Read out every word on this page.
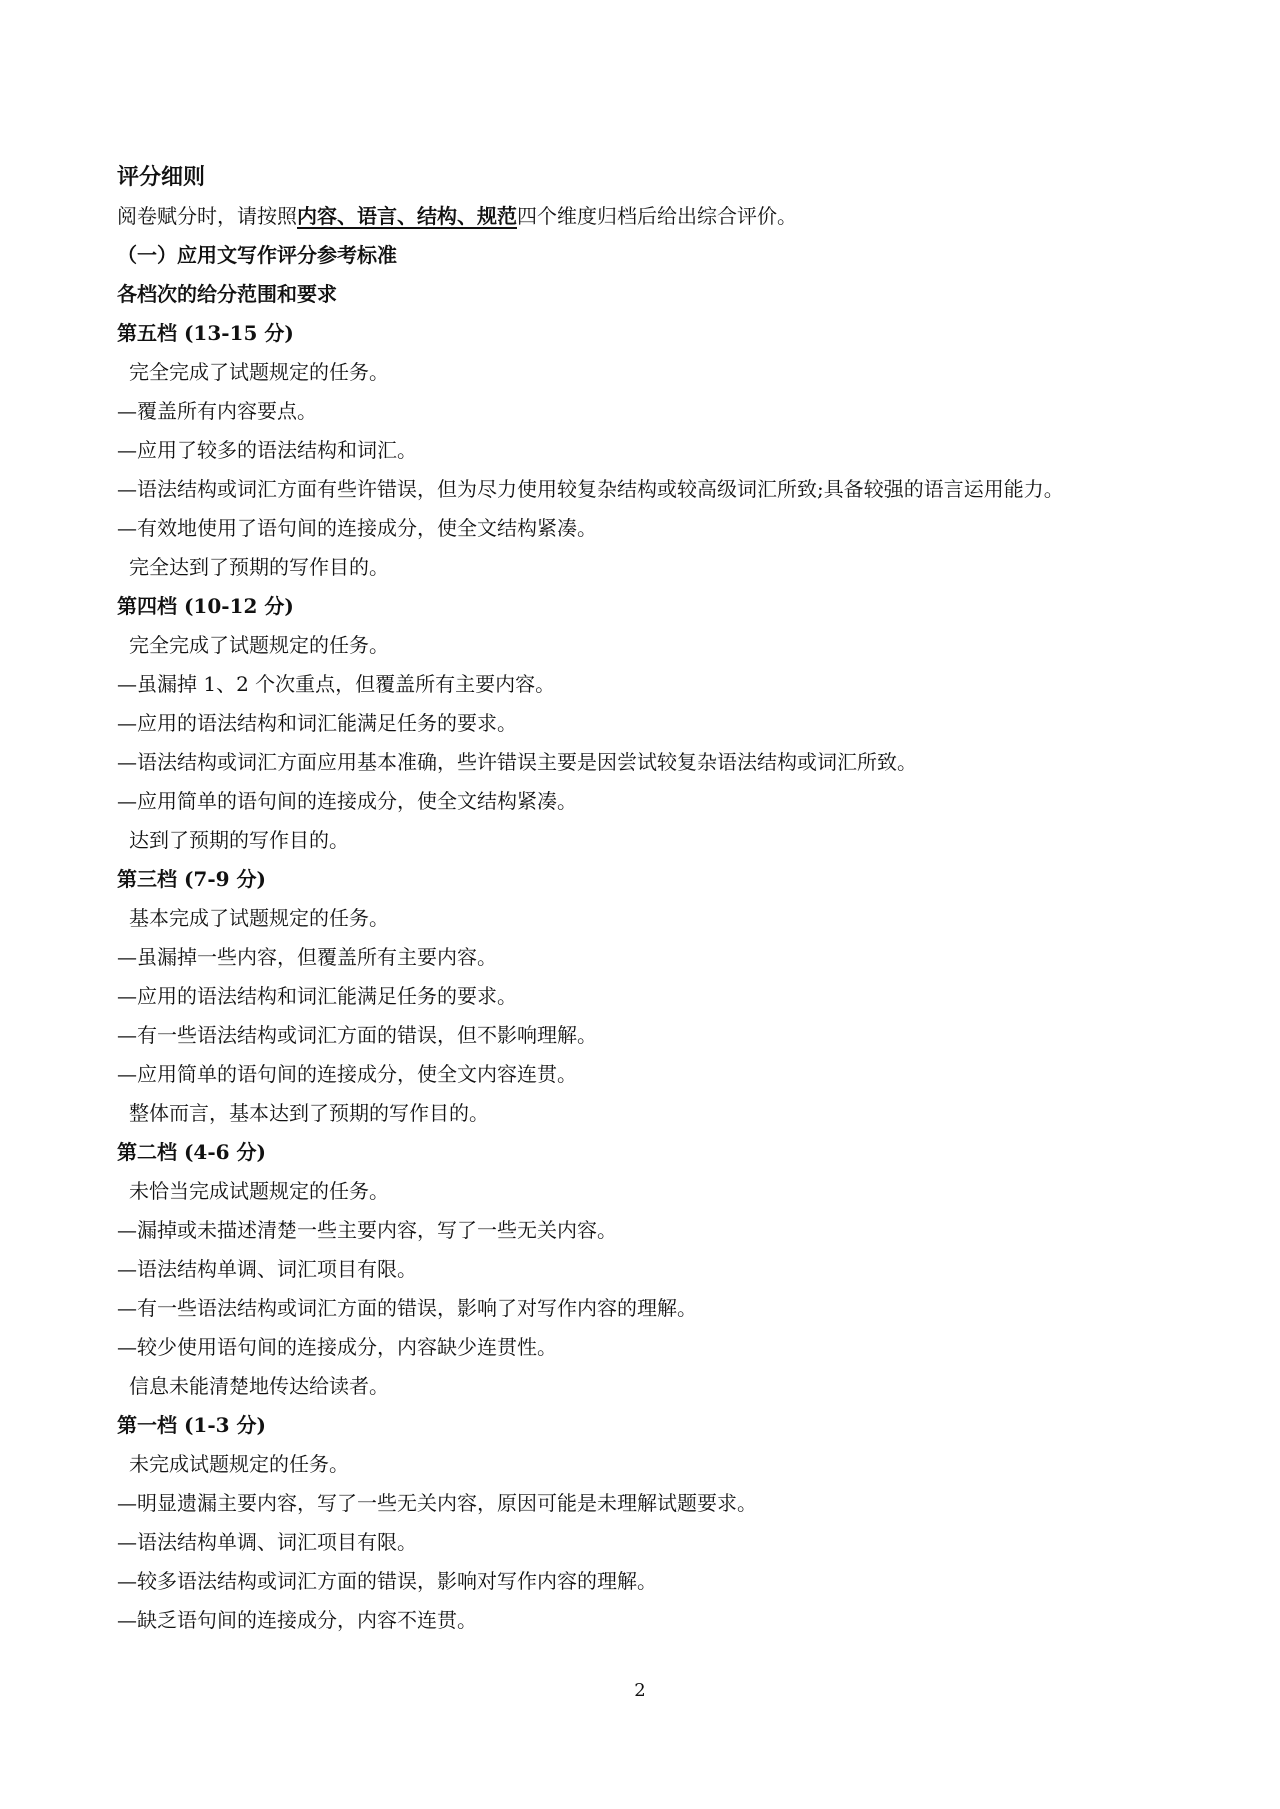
评分细则
阅卷赋分时，请按照内容、语言、结构、规范四个维度归档后给出综合评价。
（一）应用文写作评分参考标准
各档次的给分范围和要求
第五档 (13-15 分)
完全完成了试题规定的任务。
—覆盖所有内容要点。
—应用了较多的语法结构和词汇。
—语法结构或词汇方面有些许错误，但为尽力使用较复杂结构或较高级词汇所致;具备较强的语言运用能力。
—有效地使用了语句间的连接成分，使全文结构紧凑。
完全达到了预期的写作目的。
第四档 (10-12 分)
完全完成了试题规定的任务。
—虽漏掉 1、2 个次重点，但覆盖所有主要内容。
—应用的语法结构和词汇能满足任务的要求。
—语法结构或词汇方面应用基本准确，些许错误主要是因尝试较复杂语法结构或词汇所致。
—应用简单的语句间的连接成分，使全文结构紧凑。
达到了预期的写作目的。
第三档 (7-9 分)
基本完成了试题规定的任务。
—虽漏掉一些内容，但覆盖所有主要内容。
—应用的语法结构和词汇能满足任务的要求。
—有一些语法结构或词汇方面的错误，但不影响理解。
—应用简单的语句间的连接成分，使全文内容连贯。
整体而言，基本达到了预期的写作目的。
第二档 (4-6 分)
未恰当完成试题规定的任务。
—漏掉或未描述清楚一些主要内容，写了一些无关内容。
—语法结构单调、词汇项目有限。
—有一些语法结构或词汇方面的错误，影响了对写作内容的理解。
—较少使用语句间的连接成分，内容缺少连贯性。
信息未能清楚地传达给读者。
第一档 (1-3 分)
未完成试题规定的任务。
—明显遗漏主要内容，写了一些无关内容，原因可能是未理解试题要求。
—语法结构单调、词汇项目有限。
—较多语法结构或词汇方面的错误，影响对写作内容的理解。
—缺乏语句间的连接成分，内容不连贯。
2
